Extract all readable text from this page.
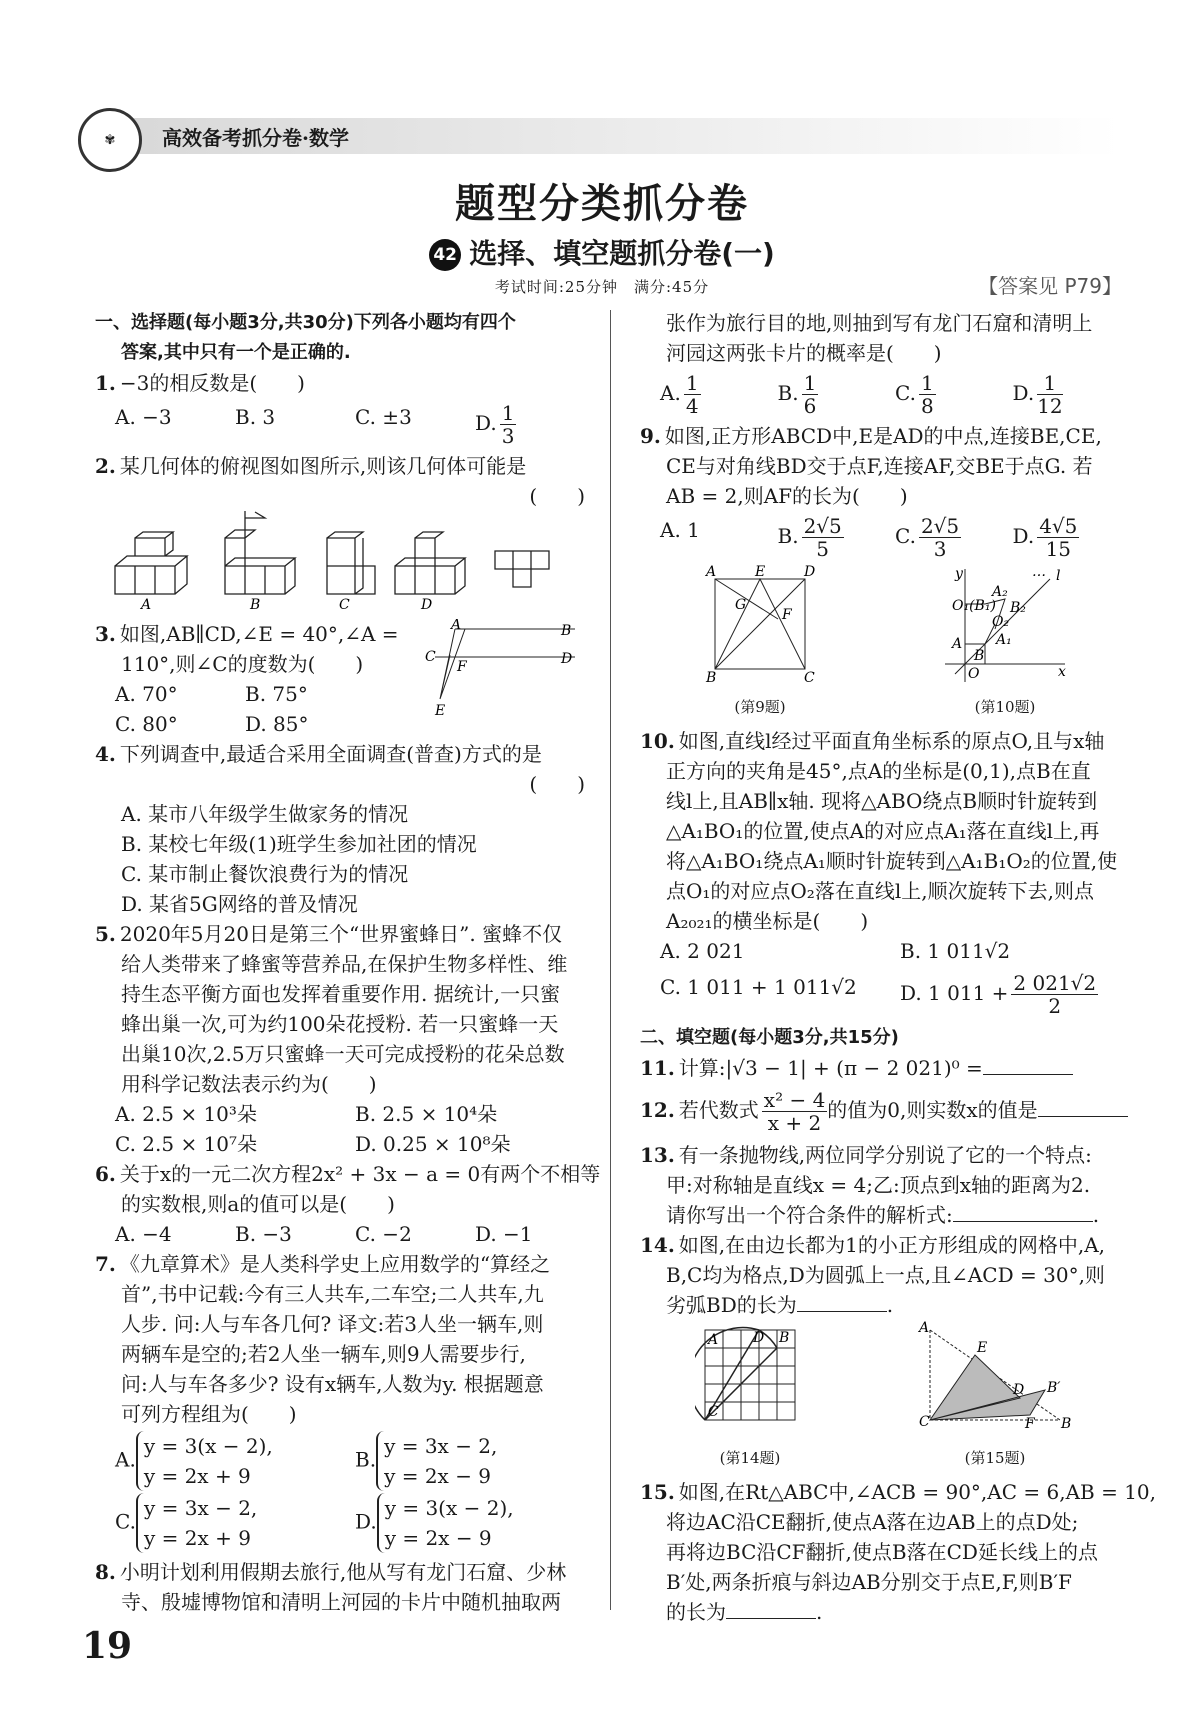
✾	高效备考抓分卷·数学
题型分类抓分卷
42 选择、填空题抓分卷(一)
考试时间:25分钟　满分:45分	【答案见 P79】
一、选择题(每小题3分,共30分)下列各小题均有四个
答案,其中只有一个是正确的.
1. −3的相反数是(　　)
A. −3	B. 3	C. ±3	D. $\frac{1}{3}$
2. 某几何体的俯视图如图所示,则该几何体可能是
(　　)
A	B	C	D
3. 如图,AB∥CD,∠E = 40°,∠A =
110°,则∠C的度数为(　　)
A. 70°	B. 75°
C. 80°	D. 85°
A	B
C
F	D
E
4. 下列调查中,最适合采用全面调查(普查)方式的是
(　　)
A. 某市八年级学生做家务的情况
B. 某校七年级(1)班学生参加社团的情况
C. 某市制止餐饮浪费行为的情况
D. 某省5G网络的普及情况
5. 2020年5月20日是第三个“世界蜜蜂日”. 蜜蜂不仅
给人类带来了蜂蜜等营养品,在保护生物多样性、维
持生态平衡方面也发挥着重要作用. 据统计,一只蜜
蜂出巢一次,可为约100朵花授粉. 若一只蜜蜂一天
出巢10次,2.5万只蜜蜂一天可完成授粉的花朵总数
用科学记数法表示约为(　　)
A. 2.5 × 10³朵	B. 2.5 × 10⁴朵
C. 2.5 × 10⁷朵	D. 0.25 × 10⁸朵
6. 关于x的一元二次方程2x² + 3x − a = 0有两个不相等
的实数根,则a的值可以是(　　)
A. −4	B. −3	C. −2	D. −1
7. 《九章算术》是人类科学史上应用数学的“算经之
首”,书中记载:今有三人共车,二车空;二人共车,九
人步. 问:人与车各几何? 译文:若3人坐一辆车,则
两辆车是空的;若2人坐一辆车,则9人需要步行,
问:人与车各多少? 设有x辆车,人数为y. 根据题意
可列方程组为(　　)
A.
y = 3(x − 2),
y = 2x + 9
B.
y = 3x − 2,
y = 2x − 9
C.
y = 3x − 2,
y = 2x + 9
D.
y = 3(x − 2),
y = 2x − 9
8. 小明计划利用假期去旅行,他从写有龙门石窟、少林
寺、殷墟博物馆和清明上河园的卡片中随机抽取两
张作为旅行目的地,则抽到写有龙门石窟和清明上
河园这两张卡片的概率是(　　)
A. $\frac{1}{4}$	B. $\frac{1}{6}$	C. $\frac{1}{8}$	D. $\frac{1}{12}$
9. 如图,正方形ABCD中,E是AD的中点,连接BE,CE,
CE与对角线BD交于点F,连接AF,交BE于点G. 若
AB = 2,则AF的长为(　　)
A. 1	B. $\frac{2√5}{5}$	C. $\frac{2√5}{3}$	D. $\frac{4√5}{15}$
A	E	D
G
F
B	C
(第9题)
y	… l
A₂
B₂
O₁(B₁)
O₂
A₁
A
B
O	x
(第10题)
10. 如图,直线l经过平面直角坐标系的原点O,且与x轴
正方向的夹角是45°,点A的坐标是(0,1),点B在直
线l上,且AB∥x轴. 现将△ABO绕点B顺时针旋转到
△A₁BO₁的位置,使点A的对应点A₁落在直线l上,再
将△A₁BO₁绕点A₁顺时针旋转到△A₁B₁O₂的位置,使
点O₁的对应点O₂落在直线l上,顺次旋转下去,则点
A₂₀₂₁的横坐标是(　　)
A. 2 021	B. 1 011√2
C. 1 011 + 1 011√2	D. 1 $011 + \frac{2 021√2}{2}$
二、填空题(每小题3分,共15分)
11. 计算:|√3 − 1| + (π − 2 021)⁰ =
12. 若代数式 $\frac{\text{x² − 4}}{x + 2}$ 的值为0,则实数x的值是
13. 有一条抛物线,两位同学分别说了它的一个特点:
甲:对称轴是直线x = 4;乙:顶点到x轴的距离为2.
请你写出一个符合条件的解析式:	.
14. 如图,在由边长都为1的小正方形组成的网格中,A,
B,C均为格点,D为圆弧上一点,且∠ACD = 30°,则
劣弧BD的长为	.
A D B
C
(第14题)
A
E
D B′
C	F B
(第15题)
15. 如图,在Rt△ABC中,∠ACB = 90°,AC = 6,AB = 10,
将边AC沿CE翻折,使点A落在边AB上的点D处;
再将边BC沿CF翻折,使点B落在CD延长线上的点
B′处,两条折痕与斜边AB分别交于点E,F,则B′F
的长为	.
19
